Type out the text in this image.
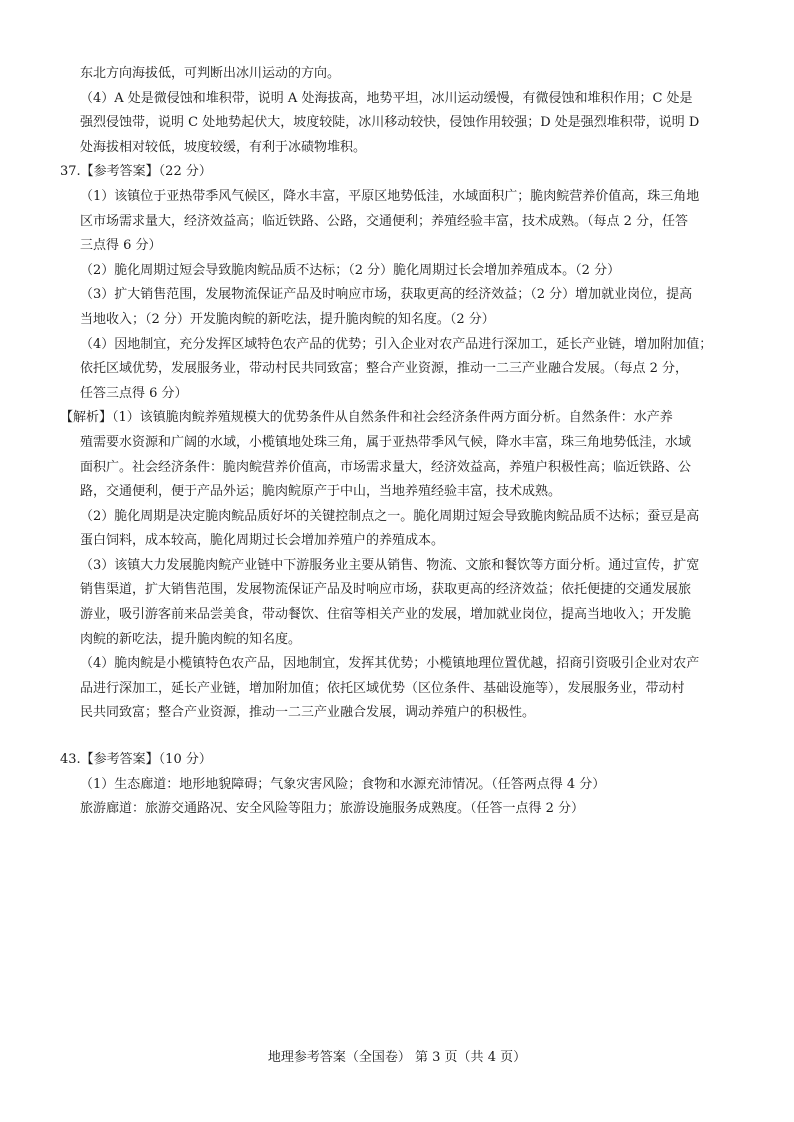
东北方向海拔低，可判断出冰川运动的方向。
（4）A 处是微侵蚀和堆积带，说明 A 处海拔高，地势平坦，冰川运动缓慢，有微侵蚀和堆积作用；C 处是
强烈侵蚀带，说明 C 处地势起伏大，坡度较陡，冰川移动较快，侵蚀作用较强；D 处是强烈堆积带，说明 D
处海拔相对较低，坡度较缓，有利于冰碛物堆积。
37.【参考答案】（22 分）
（1）该镇位于亚热带季风气候区，降水丰富，平原区地势低洼，水域面积广；脆肉鲩营养价值高，珠三角地
区市场需求量大，经济效益高；临近铁路、公路，交通便利；养殖经验丰富，技术成熟。（每点 2 分，任答
三点得 6 分）
（2）脆化周期过短会导致脆肉鲩品质不达标；（2 分）脆化周期过长会增加养殖成本。（2 分）
（3）扩大销售范围，发展物流保证产品及时响应市场，获取更高的经济效益；（2 分）增加就业岗位，提高
当地收入；（2 分）开发脆肉鲩的新吃法，提升脆肉鲩的知名度。（2 分）
（4）因地制宜，充分发挥区域特色农产品的优势；引入企业对农产品进行深加工，延长产业链，增加附加值；
依托区域优势，发展服务业，带动村民共同致富；整合产业资源，推动一二三产业融合发展。（每点 2 分，
任答三点得 6 分）
【解析】（1）该镇脆肉鲩养殖规模大的优势条件从自然条件和社会经济条件两方面分析。自然条件：水产养
殖需要水资源和广阔的水域，小榄镇地处珠三角，属于亚热带季风气候，降水丰富，珠三角地势低洼，水域
面积广。社会经济条件：脆肉鲩营养价值高，市场需求量大，经济效益高，养殖户积极性高；临近铁路、公
路，交通便利，便于产品外运；脆肉鲩原产于中山，当地养殖经验丰富，技术成熟。
（2）脆化周期是决定脆肉鲩品质好坏的关键控制点之一。脆化周期过短会导致脆肉鲩品质不达标；蚕豆是高
蛋白饲料，成本较高，脆化周期过长会增加养殖户的养殖成本。
（3）该镇大力发展脆肉鲩产业链中下游服务业主要从销售、物流、文旅和餐饮等方面分析。通过宣传，扩宽
销售渠道，扩大销售范围，发展物流保证产品及时响应市场，获取更高的经济效益；依托便捷的交通发展旅
游业，吸引游客前来品尝美食，带动餐饮、住宿等相关产业的发展，增加就业岗位，提高当地收入；开发脆
肉鲩的新吃法，提升脆肉鲩的知名度。
（4）脆肉鲩是小榄镇特色农产品，因地制宜，发挥其优势；小榄镇地理位置优越，招商引资吸引企业对农产
品进行深加工，延长产业链，增加附加值；依托区域优势（区位条件、基础设施等），发展服务业，带动村
民共同致富；整合产业资源，推动一二三产业融合发展，调动养殖户的积极性。
43.【参考答案】（10 分）
（1）生态廊道：地形地貌障碍；气象灾害风险；食物和水源充沛情况。（任答两点得 4 分）
旅游廊道：旅游交通路况、安全风险等阻力；旅游设施服务成熟度。（任答一点得 2 分）
地理参考答案（全国卷） 第 3 页（共 4 页）
